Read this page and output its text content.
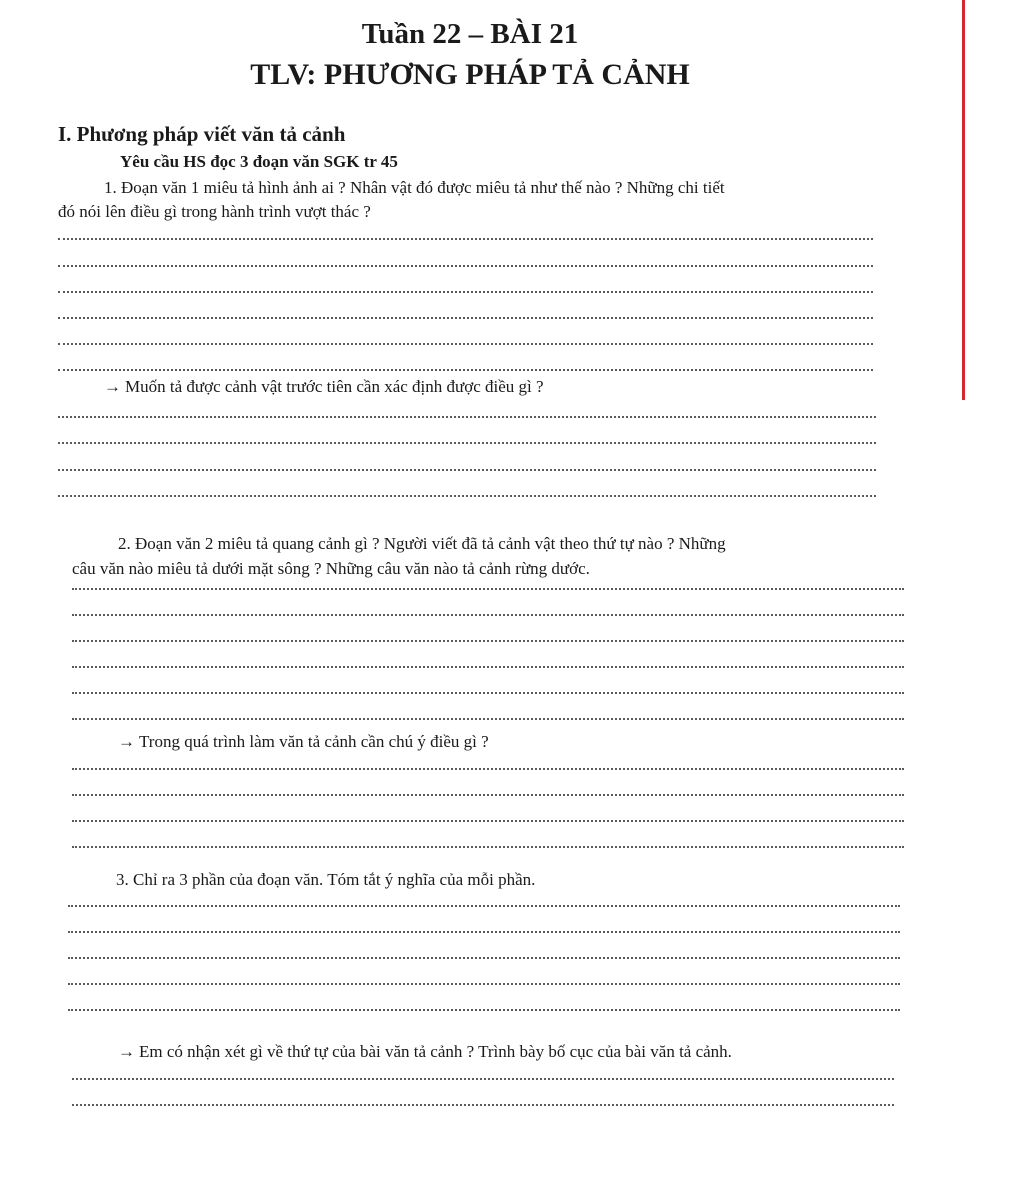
Tuần 22 – BÀI 21
TLV: PHƯƠNG PHÁP TẢ CẢNH

I. Phương pháp viết văn tả cảnh

Yêu cầu HS đọc 3 đoạn văn SGK tr 45

1. Đoạn văn 1 miêu tả hình ảnh ai ? Nhân vật đó được miêu tả như thế nào ? Những chi tiết

đó nói lên điều gì trong hành trình vượt thác ?

→ Muốn tả được cảnh vật trước tiên cần xác định được điều gì ?

2. Đoạn văn 2 miêu tả quang cảnh gì ? Người viết đã tả cảnh vật theo thứ tự nào ? Những

câu văn nào miêu tả dưới mặt sông ? Những câu văn nào tả cảnh rừng dước.

→ Trong quá trình làm văn tả cảnh cần chú ý điều gì ?

3. Chỉ ra 3 phần của đoạn văn. Tóm tắt ý nghĩa của mỗi phần.

→ Em có nhận xét gì về thứ tự của bài văn tả cảnh ? Trình bày bố cục của bài văn tả cảnh.
